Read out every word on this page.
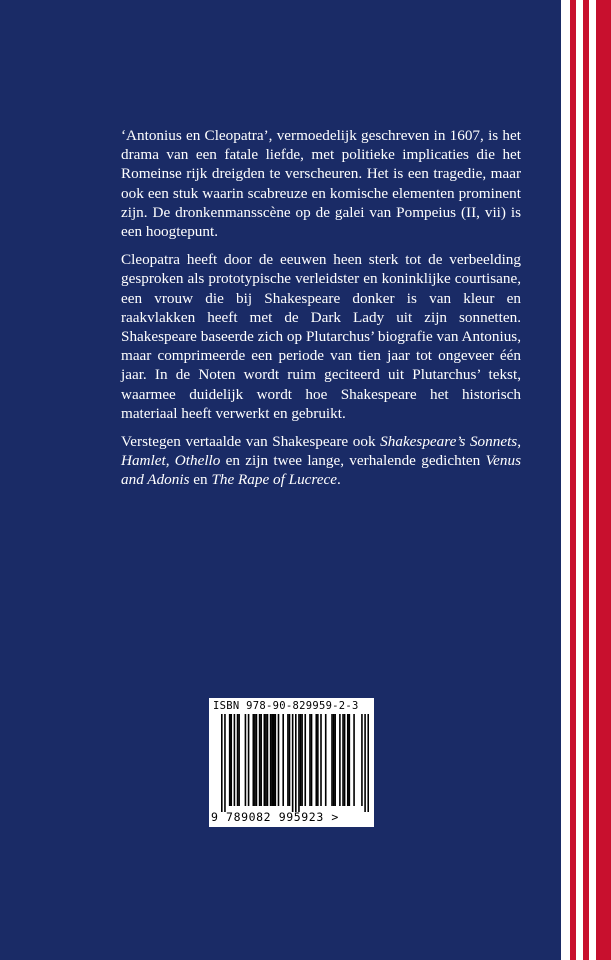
‘Antonius en Cleopatra’, vermoedelijk geschreven in 1607, is het drama van een fatale liefde, met politieke implicaties die het Romeinse rijk dreigden te verscheuren. Het is een tragedie, maar ook een stuk waarin scabreuze en komische elementen prominent zijn. De dronkenmansscène op de galei van Pompeius (II, vii) is een hoogtepunt.

Cleopatra heeft door de eeuwen heen sterk tot de verbeelding gesproken als prototypische verleidster en koninklijke courtisane, een vrouw die bij Shakespeare donker is van kleur en raakvlakken heeft met de Dark Lady uit zijn sonnetten. Shakespeare baseerde zich op Plutarchus’ biografie van Antonius, maar comprimeerde een periode van tien jaar tot ongeveer één jaar. In de Noten wordt ruim geciteerd uit Plutarchus’ tekst, waarmee duidelijk wordt hoe Shakespeare het historisch materiaal heeft verwerkt en gebruikt.

Verstegen vertaalde van Shakespeare ook Shakespeare’s Sonnets, Hamlet, Othello en zijn twee lange, verhalende gedichten Venus and Adonis en The Rape of Lucrece.

ISBN 978-90-829959-2-3
9 789082 995923 >
